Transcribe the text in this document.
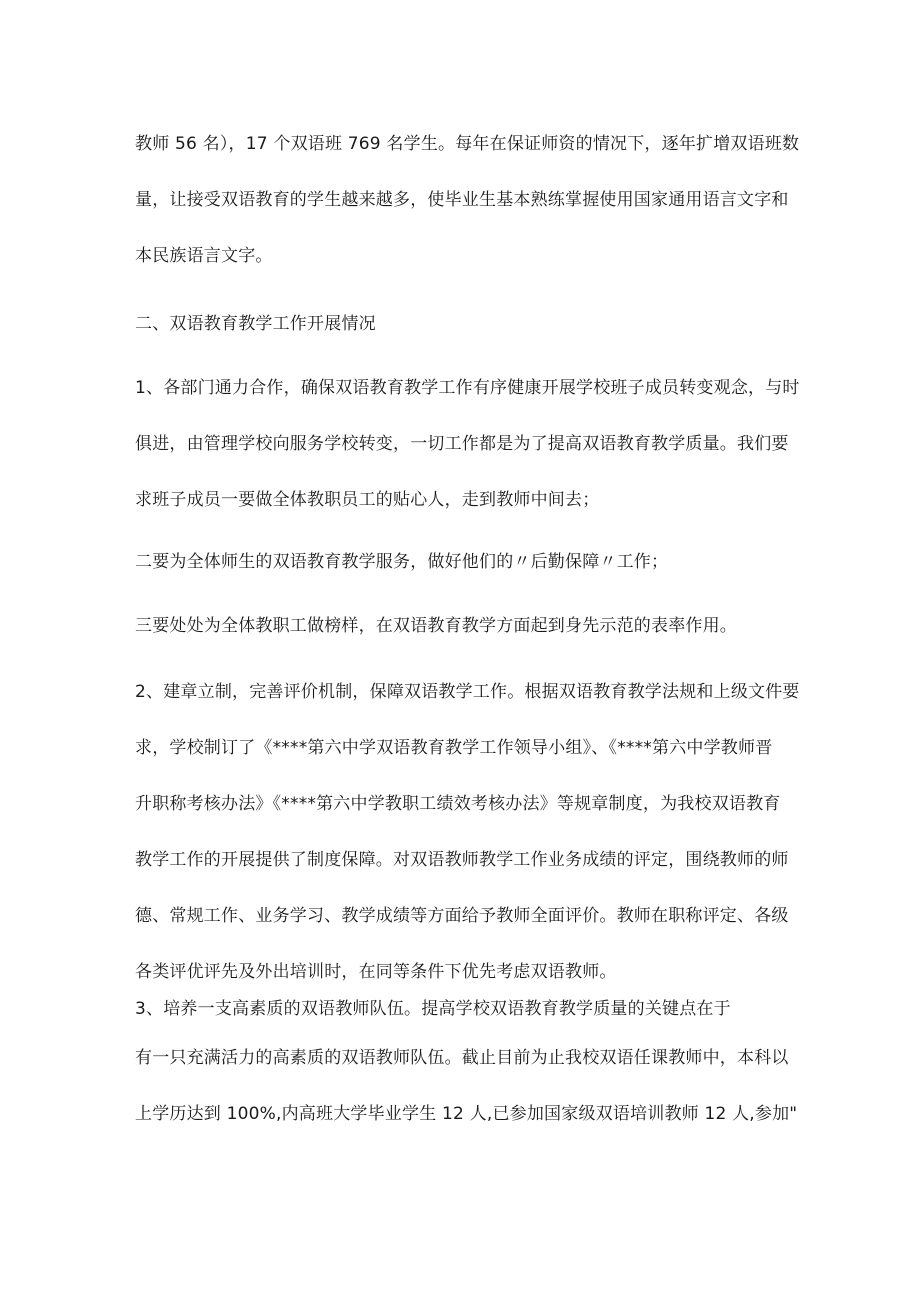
教师 56 名），17 个双语班 769 名学生。每年在保证师资的情况下，逐年扩增双语班数

量，让接受双语教育的学生越来越多，使毕业生基本熟练掌握使用国家通用语言文字和

本民族语言文字。

二、双语教育教学工作开展情况

1、各部门通力合作，确保双语教育教学工作有序健康开展学校班子成员转变观念，与时

俱进，由管理学校向服务学校转变，一切工作都是为了提高双语教育教学质量。我们要

求班子成员一要做全体教职员工的贴心人，走到教师中间去；

二要为全体师生的双语教育教学服务，做好他们的〃后勤保障〃工作；

三要处处为全体教职工做榜样，在双语教育教学方面起到身先示范的表率作用。

2、建章立制，完善评价机制，保障双语教学工作。根据双语教育教学法规和上级文件要

求，学校制订了《****第六中学双语教育教学工作领导小组》、《****第六中学教师晋

升职称考核办法》《****第六中学教职工绩效考核办法》等规章制度，为我校双语教育

教学工作的开展提供了制度保障。对双语教师教学工作业务成绩的评定，围绕教师的师

德、常规工作、业务学习、教学成绩等方面给予教师全面评价。教师在职称评定、各级

各类评优评先及外出培训时，在同等条件下优先考虑双语教师。

3、培养一支高素质的双语教师队伍。提高学校双语教育教学质量的关键点在于

有一只充满活力的高素质的双语教师队伍。截止目前为止我校双语任课教师中，本科以

上学历达到 100%,内高班大学毕业学生 12 人,已参加国家级双语培训教师 12 人,参加"
